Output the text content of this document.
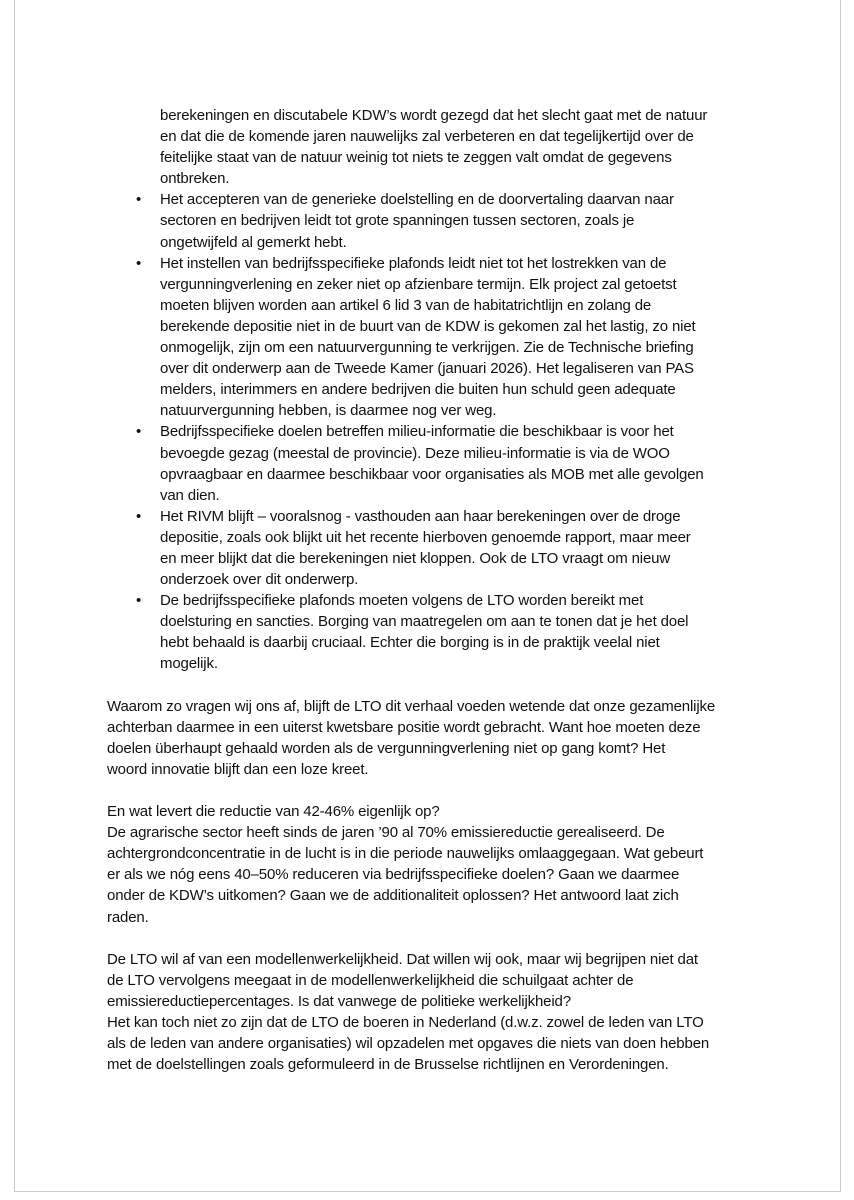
berekeningen en discutabele KDW’s wordt gezegd dat het slecht gaat met de natuur
en dat die de komende jaren nauwelijks zal verbeteren en dat tegelijkertijd over de
feitelijke staat van de natuur weinig tot niets te zeggen valt omdat de gegevens
ontbreken.
• Het accepteren van de generieke doelstelling en de doorvertaling daarvan naar
sectoren en bedrijven leidt tot grote spanningen tussen sectoren, zoals je
ongetwijfeld al gemerkt hebt.
• Het instellen van bedrijfsspecifieke plafonds leidt niet tot het lostrekken van de
vergunningverlening en zeker niet op afzienbare termijn. Elk project zal getoetst
moeten blijven worden aan artikel 6 lid 3 van de habitatrichtlijn en zolang de
berekende depositie niet in de buurt van de KDW is gekomen zal het lastig, zo niet
onmogelijk, zijn om een natuurvergunning te verkrijgen. Zie de Technische briefing
over dit onderwerp aan de Tweede Kamer (januari 2026). Het legaliseren van PAS
melders, interimmers en andere bedrijven die buiten hun schuld geen adequate
natuurvergunning hebben, is daarmee nog ver weg.
• Bedrijfsspecifieke doelen betreffen milieu-informatie die beschikbaar is voor het
bevoegde gezag (meestal de provincie). Deze milieu-informatie is via de WOO
opvraagbaar en daarmee beschikbaar voor organisaties als MOB met alle gevolgen
van dien.
• Het RIVM blijft – vooralsnog - vasthouden aan haar berekeningen over de droge
depositie, zoals ook blijkt uit het recente hierboven genoemde rapport, maar meer
en meer blijkt dat die berekeningen niet kloppen. Ook de LTO vraagt om nieuw
onderzoek over dit onderwerp.
• De bedrijfsspecifieke plafonds moeten volgens de LTO worden bereikt met
doelsturing en sancties. Borging van maatregelen om aan te tonen dat je het doel
hebt behaald is daarbij cruciaal. Echter die borging is in de praktijk veelal niet
mogelijk.
Waarom zo vragen wij ons af, blijft de LTO dit verhaal voeden wetende dat onze gezamenlijke
achterban daarmee in een uiterst kwetsbare positie wordt gebracht. Want hoe moeten deze
doelen überhaupt gehaald worden als de vergunningverlening niet op gang komt? Het
woord innovatie blijft dan een loze kreet.
En wat levert die reductie van 42-46% eigenlijk op?
De agrarische sector heeft sinds de jaren ’90 al 70% emissiereductie gerealiseerd. De
achtergrondconcentratie in de lucht is in die periode nauwelijks omlaaggegaan. Wat gebeurt
er als we nóg eens 40–50% reduceren via bedrijfsspecifieke doelen? Gaan we daarmee
onder de KDW’s uitkomen? Gaan we de additionaliteit oplossen? Het antwoord laat zich
raden.
De LTO wil af van een modellenwerkelijkheid. Dat willen wij ook, maar wij begrijpen niet dat
de LTO vervolgens meegaat in de modellenwerkelijkheid die schuilgaat achter de
emissiereductiepercentages. Is dat vanwege de politieke werkelijkheid?
Het kan toch niet zo zijn dat de LTO de boeren in Nederland (d.w.z. zowel de leden van LTO
als de leden van andere organisaties) wil opzadelen met opgaves die niets van doen hebben
met de doelstellingen zoals geformuleerd in de Brusselse richtlijnen en Verordeningen.
